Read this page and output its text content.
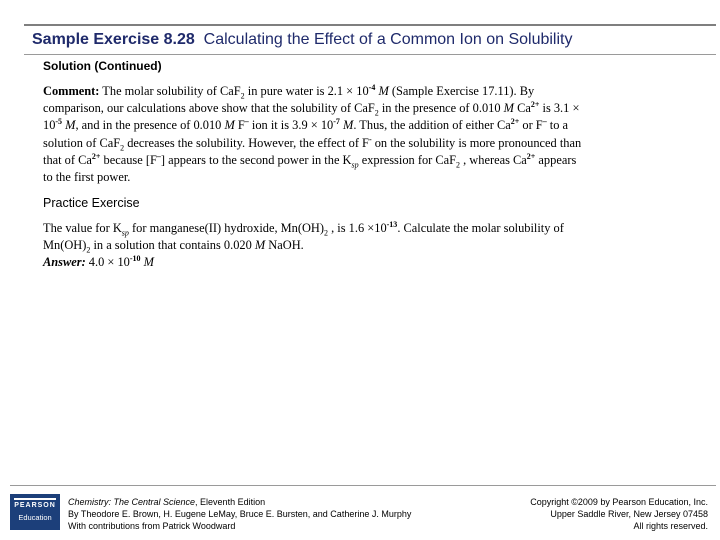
Sample Exercise 8.28 Calculating the Effect of a Common Ion on Solubility
Solution (Continued)
Comment: The molar solubility of CaF$_2$ in pure water is $2.1 \times 10^{-4}$ M (Sample Exercise 17.11). By
comparison, our calculations above show that the solubility of CaF$_2$ in the presence of 0.010 M $Ca^{2+}$ is 3.1 ×
$10^{-5}$ M, and in the presence of 0.010 M F– ion it is $3.9 \times 10^{-7}$ M. Thus, the addition of either $Ca^{2+}$ or F– to a
solution of CaF$_2$ decreases the solubility. However, the effect of F- on the solubility is more pronounced than
that of $Ca^{2+}$ because [F–] appears to the second power in the $K_{sp}$ expression for CaF$_2$ , whereas $Ca^{2+}$ appears
to the first power.
Practice Exercise
The value for $K_{sp}$ for manganese(II) hydroxide, $Mn(OH)_2$ , is $1.6 \times 10^{-13}$. Calculate the molar solubility of
$Mn(OH)_2$ in a solution that contains 0.020 M NaOH.
Answer: $4.0 \times 10^{-10}$ M
PEARSON
Education
Chemistry: The Central Science, Eleventh Edition
By Theodore E. Brown, H. Eugene LeMay, Bruce E. Bursten, and Catherine J. Murphy
With contributions from Patrick Woodward
Copyright ©2009 by Pearson Education, Inc.
Upper Saddle River, New Jersey 07458
All rights reserved.
